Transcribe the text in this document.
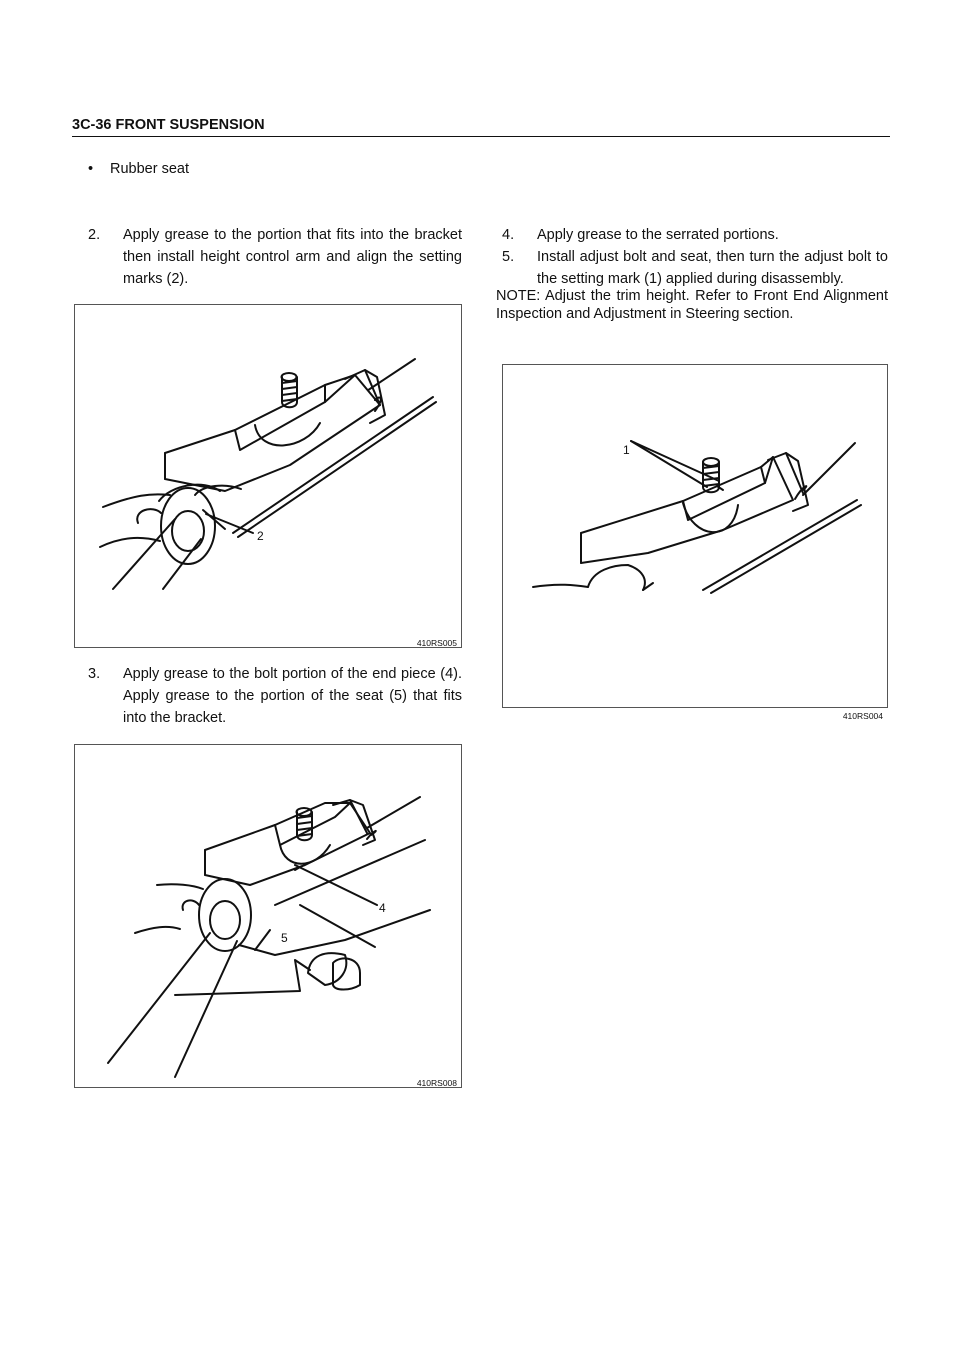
3C-36 FRONT SUSPENSION
• Rubber seat
2.	Apply grease to the portion that fits into the bracket then install height control arm and align the setting marks (2).
2
410RS005
3.	Apply grease to the bolt portion of the end piece (4). Apply grease to the portion of the seat (5) that fits into the bracket.
4
5
410RS008
4.	Apply grease to the serrated portions.
5.	Install adjust bolt and seat, then turn the adjust bolt to the setting mark (1) applied during disassembly.
NOTE: Adjust the trim height. Refer to Front End Alignment Inspection and Adjustment in Steering section.
1
410RS004
